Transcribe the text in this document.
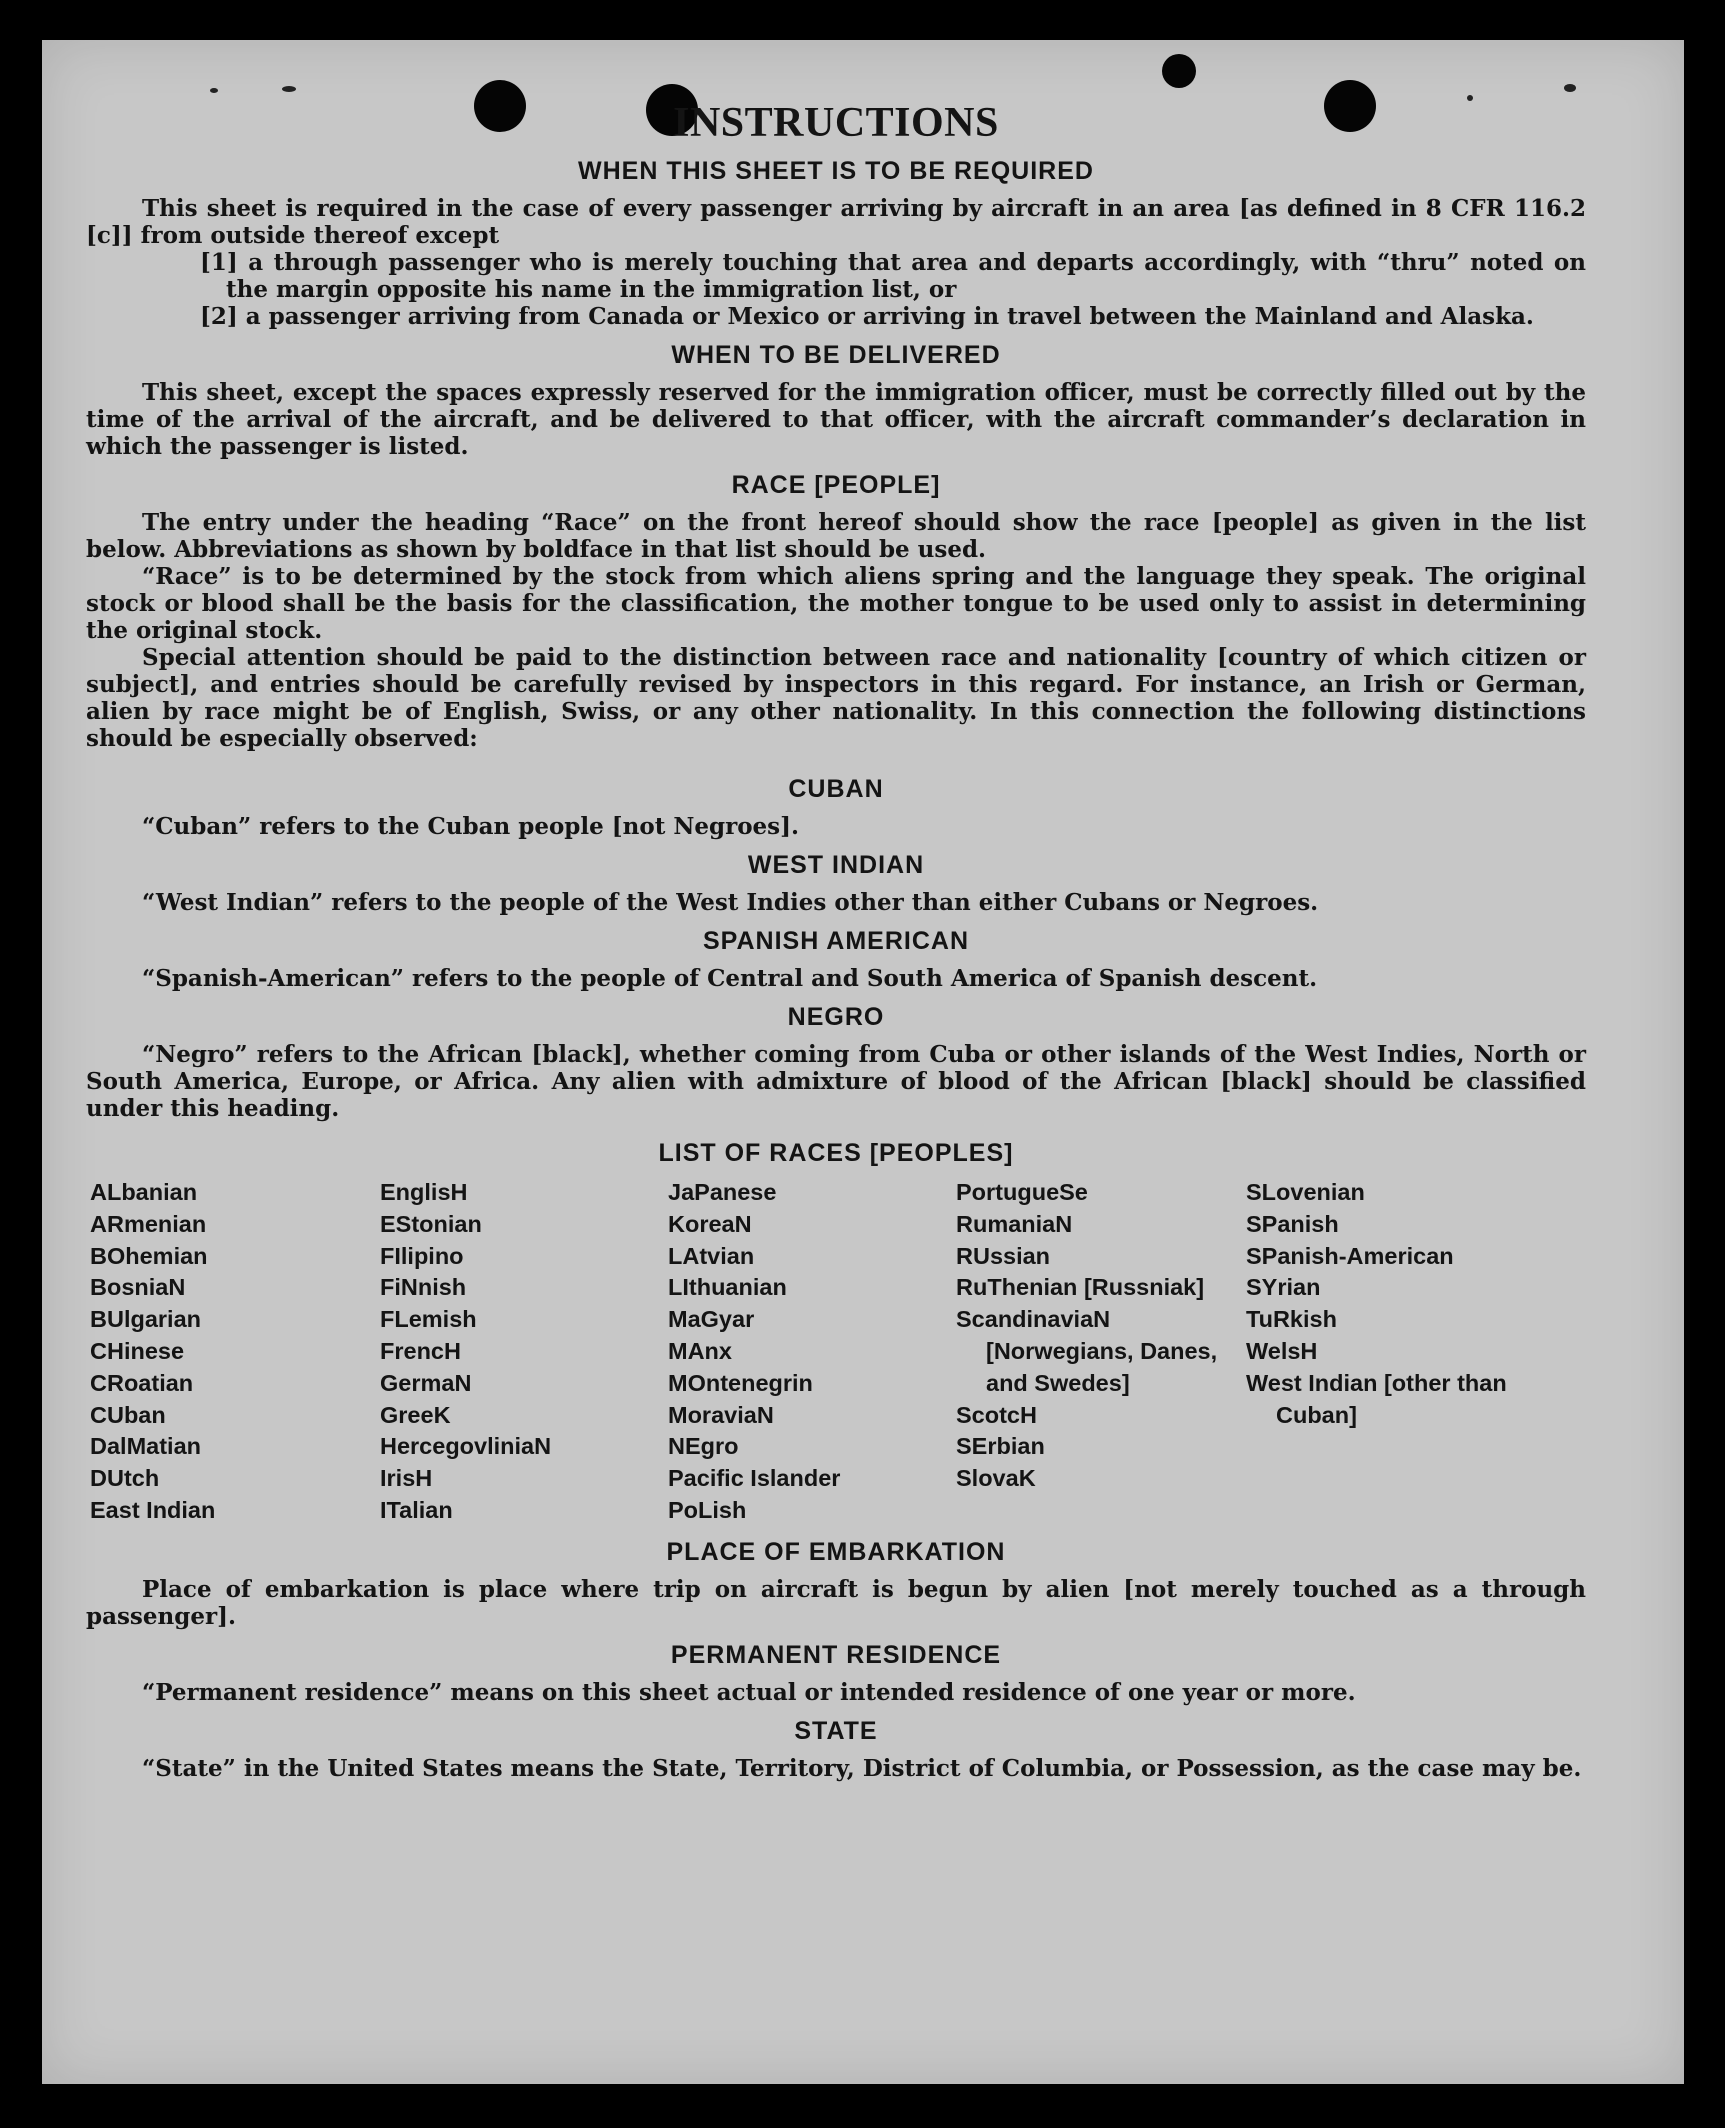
INSTRUCTIONS
WHEN THIS SHEET IS TO BE REQUIRED

This sheet is required in the case of every passenger arriving by aircraft in an area [as defined in 8 CFR 116.2 [c]] from outside thereof except

[1] a through passenger who is merely touching that area and departs accordingly, with “thru” noted on the margin opposite his name in the immigration list, or

[2] a passenger arriving from Canada or Mexico or arriving in travel between the Mainland and Alaska.

WHEN TO BE DELIVERED

This sheet, except the spaces expressly reserved for the immigration officer, must be correctly filled out by the time of the arrival of the aircraft, and be delivered to that officer, with the aircraft commander’s declaration in which the passenger is listed.

RACE [PEOPLE]

The entry under the heading “Race” on the front hereof should show the race [people] as given in the list below. Abbreviations as shown by boldface in that list should be used.

“Race” is to be determined by the stock from which aliens spring and the language they speak. The original stock or blood shall be the basis for the classification, the mother tongue to be used only to assist in determining the original stock.

Special attention should be paid to the distinction between race and nationality [country of which citizen or subject], and entries should be carefully revised by inspectors in this regard. For instance, an Irish or German, alien by race might be of English, Swiss, or any other nationality. In this connection the following distinctions should be especially observed:

CUBAN

“Cuban” refers to the Cuban people [not Negroes].

WEST INDIAN

“West Indian” refers to the people of the West Indies other than either Cubans or Negroes.

SPANISH AMERICAN

“Spanish-American” refers to the people of Central and South America of Spanish descent.

NEGRO

“Negro” refers to the African [black], whether coming from Cuba or other islands of the West Indies, North or South America, Europe, or Africa. Any alien with admixture of blood of the African [black] should be classified under this heading.

LIST OF RACES [PEOPLES]
ALbanian
ARmenian
BOhemian
BosniaN
BUlgarian
CHinese
CRoatian
CUban
DalMatian
DUtch
East Indian
EnglisH
EStonian
FIlipino
FiNnish
FLemish
FrencH
GermaN
GreeK
HercegovliniaN
IrisH
ITalian
JaPanese
KoreaN
LAtvian
LIthuanian
MaGyar
MAnx
MOntenegrin
MoraviaN
NEgro
Pacific Islander
PoLish
PortugueSe
RumaniaN
RUssian
RuThenian [Russniak]
ScandinaviaN [Norwegians, Danes, and Swedes]
ScotcH
SErbian
SlovaK
SLovenian
SPanish
SPanish-American
SYrian
TuRkish
WelsH
West Indian [other than Cuban]
PLACE OF EMBARKATION

Place of embarkation is place where trip on aircraft is begun by alien [not merely touched as a through passenger].

PERMANENT RESIDENCE

“Permanent residence” means on this sheet actual or intended residence of one year or more.

STATE

“State” in the United States means the State, Territory, District of Columbia, or Possession, as the case may be.
